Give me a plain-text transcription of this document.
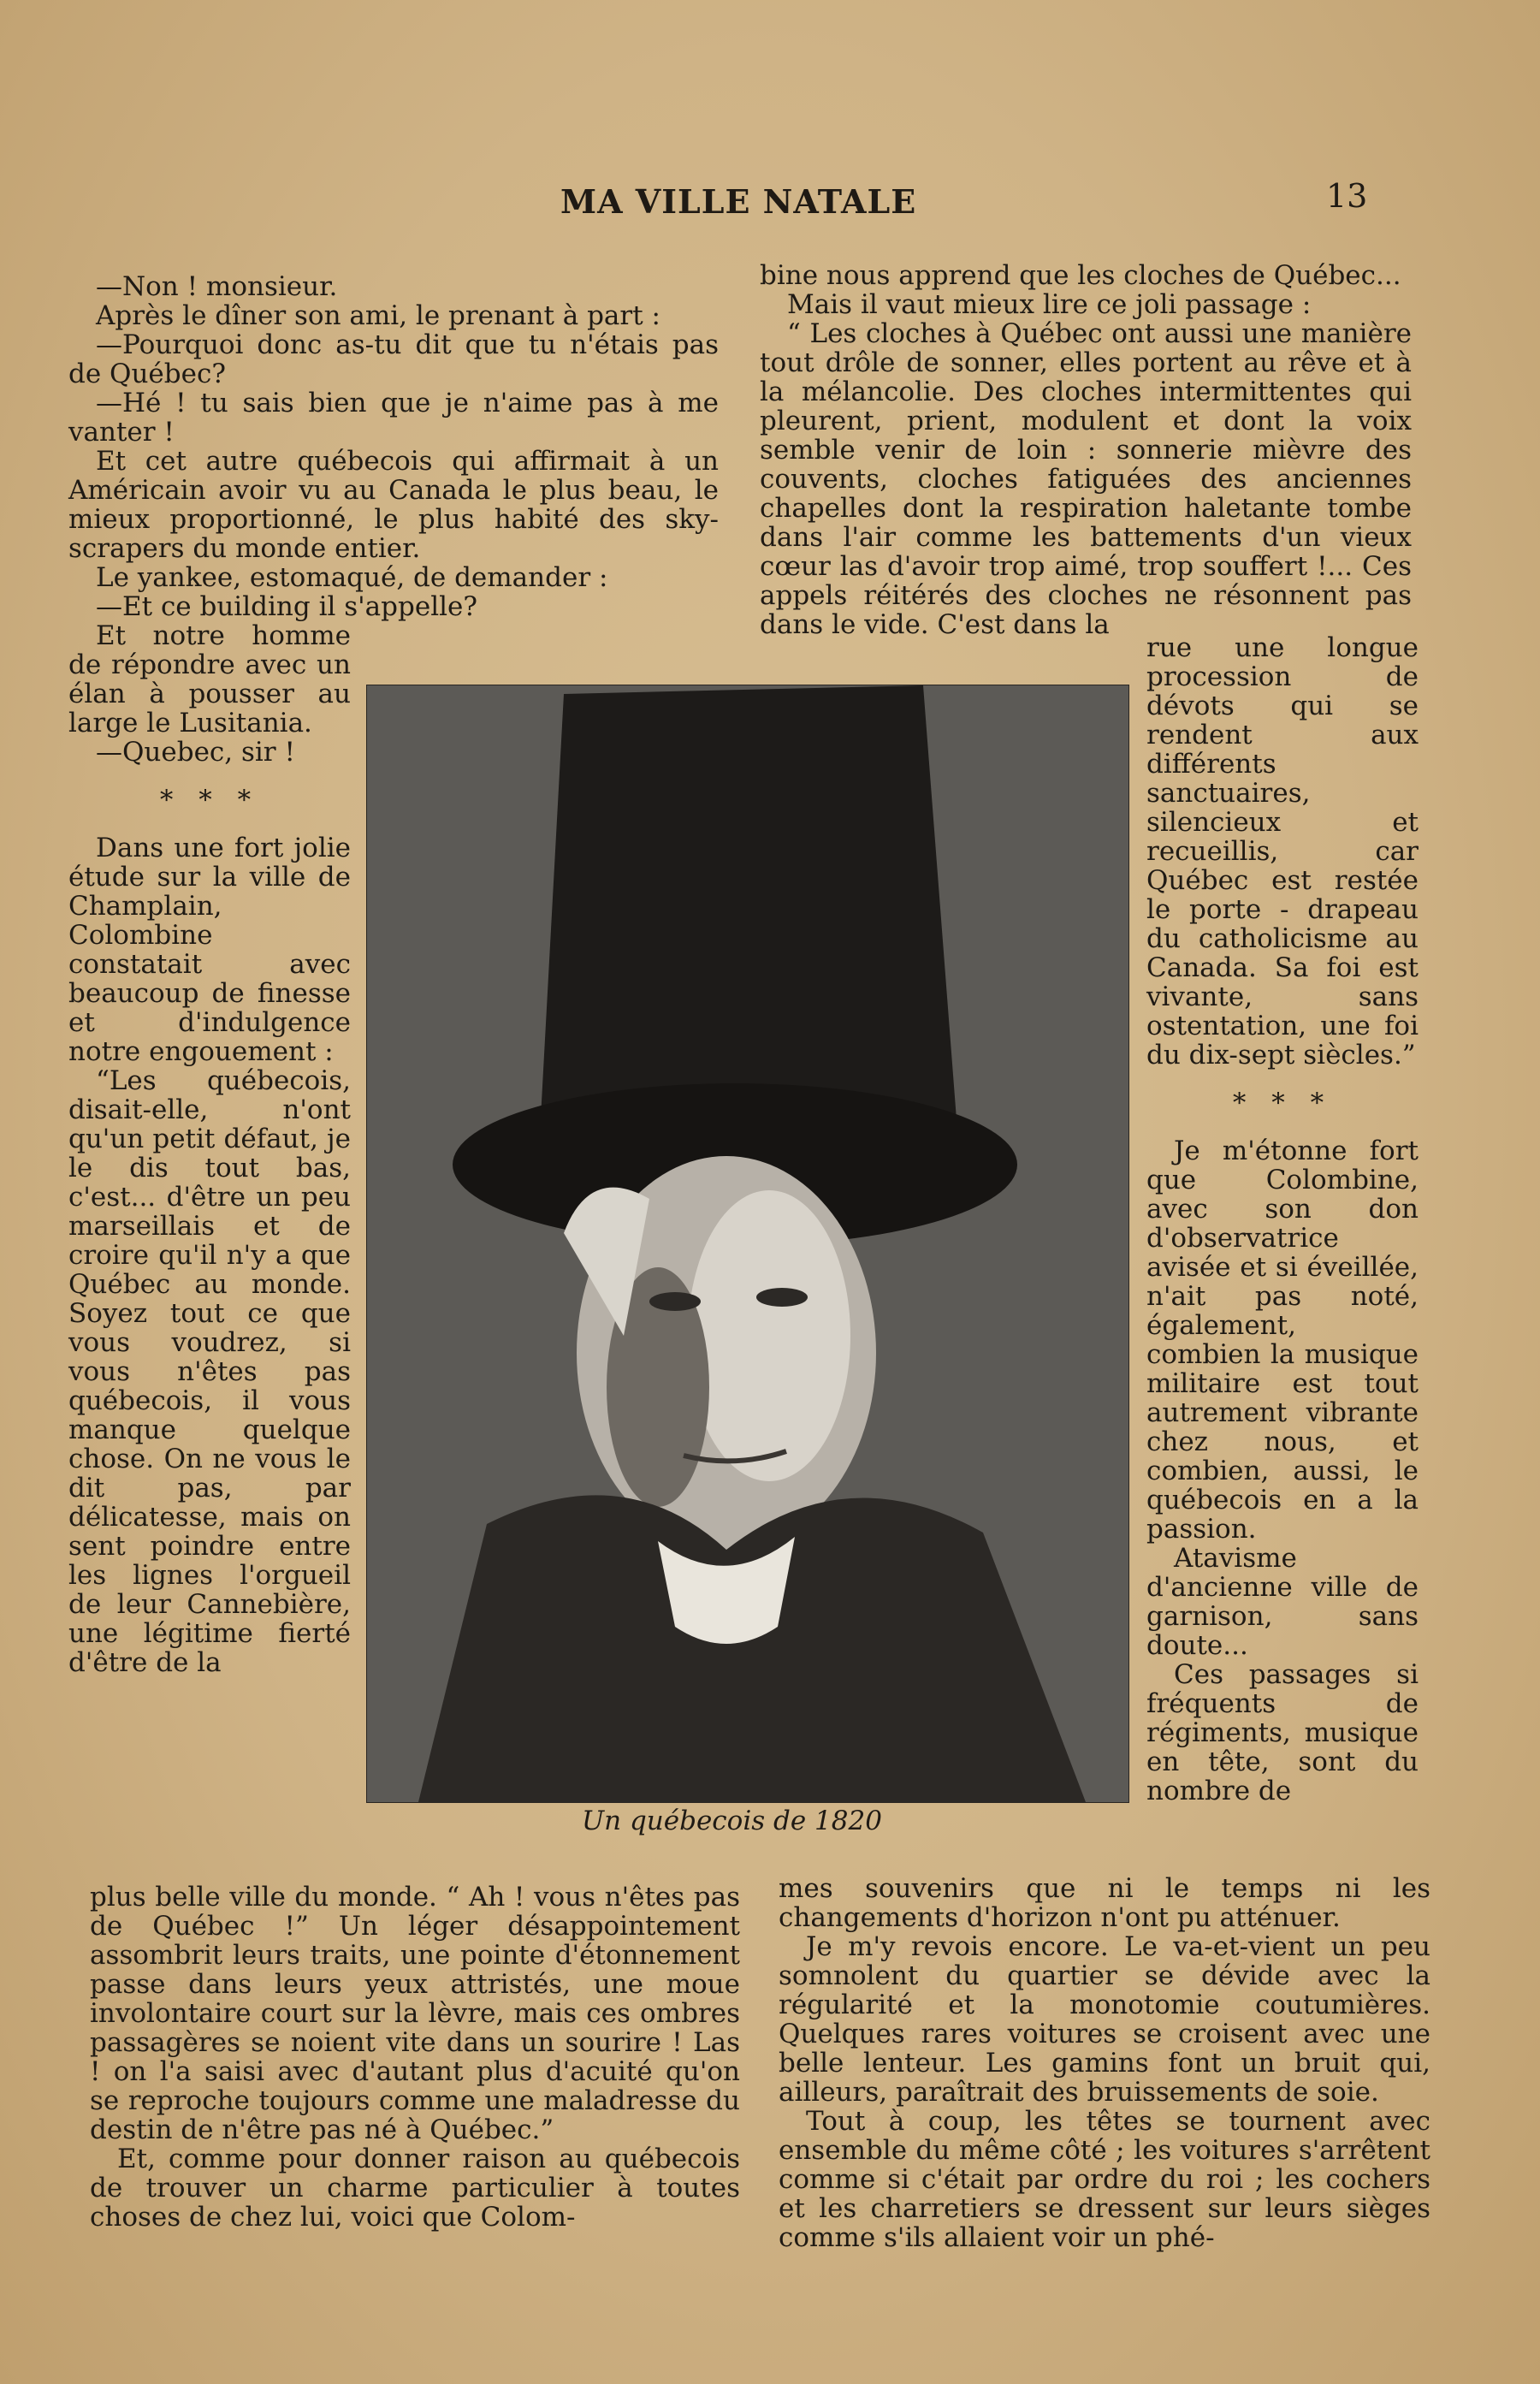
MA VILLE NATALE	13

—Non ! monsieur.

Après le dîner son ami, le prenant à part :

—Pourquoi donc as-tu dit que tu n'étais pas de Québec?

—Hé ! tu sais bien que je n'aime pas à me vanter !

Et cet autre québecois qui affirmait à un Américain avoir vu au Canada le plus beau, le mieux proportionné, le plus habité des sky-scrapers du monde entier.

Le yankee, estomaqué, de demander :

—Et ce building il s'appelle?

Et notre homme de répondre avec un élan à pousser au large le Lusitania.

—Quebec, sir !

* * *

Dans une fort jolie étude sur la ville de Champlain, Colombine constatait avec beaucoup de finesse et d'indulgence notre engouement :

“Les québecois, disait-elle, n'ont qu'un petit défaut, je le dis tout bas, c'est... d'être un peu marseillais et de croire qu'il n'y a que Québec au monde. Soyez tout ce que vous voudrez, si vous n'êtes pas québecois, il vous manque quelque chose. On ne vous le dit pas, par délicatesse, mais on sent poindre entre les lignes l'orgueil de leur Cannebière, une légitime fierté d'être de la

plus belle ville du monde. “ Ah ! vous n'êtes pas de Québec !” Un léger désappointement assombrit leurs traits, une pointe d'étonnement passe dans leurs yeux attristés, une moue involontaire court sur la lèvre, mais ces ombres passagères se noient vite dans un sourire ! Las ! on l'a saisi avec d'autant plus d'acuité qu'on se reproche toujours comme une maladresse du destin de n'être pas né à Québec.”

Et, comme pour donner raison au québecois de trouver un charme particulier à toutes choses de chez lui, voici que Colom-

bine nous apprend que les cloches de Québec...

Mais il vaut mieux lire ce joli passage :

“ Les cloches à Québec ont aussi une manière tout drôle de sonner, elles portent au rêve et à la mélancolie. Des cloches intermittentes qui pleurent, prient, modulent et dont la voix semble venir de loin : sonnerie mièvre des couvents, cloches fatiguées des anciennes chapelles dont la respiration haletante tombe dans l'air comme les battements d'un vieux cœur las d'avoir trop aimé, trop souffert !... Ces appels réitérés des cloches ne résonnent pas dans le vide. C'est dans la

rue une longue procession de dévots qui se rendent aux différents sanctuaires, silencieux et recueillis, car Québec est restée le porte - drapeau du catholicisme au Canada. Sa foi est vivante, sans ostentation, une foi du dix-sept siècles.”

* * *

Je m'étonne fort que Colombine, avec son don d'observatrice avisée et si éveillée, n'ait pas noté, également, combien la musique militaire est tout autrement vibrante chez nous, et combien, aussi, le québecois en a la passion.

Atavisme d'ancienne ville de garnison, sans doute...

Ces passages si fréquents de régiments, musique en tête, sont du nombre de

mes souvenirs que ni le temps ni les changements d'horizon n'ont pu atténuer.

Je m'y revois encore. Le va-et-vient un peu somnolent du quartier se dévide avec la régularité et la monotomie coutumières. Quelques rares voitures se croisent avec une belle lenteur. Les gamins font un bruit qui, ailleurs, paraîtrait des bruissements de soie.

Tout à coup, les têtes se tournent avec ensemble du même côté ; les voitures s'arrêtent comme si c'était par ordre du roi ; les cochers et les charretiers se dressent sur leurs sièges comme s'ils allaient voir un phé-

Un québecois de 1820
